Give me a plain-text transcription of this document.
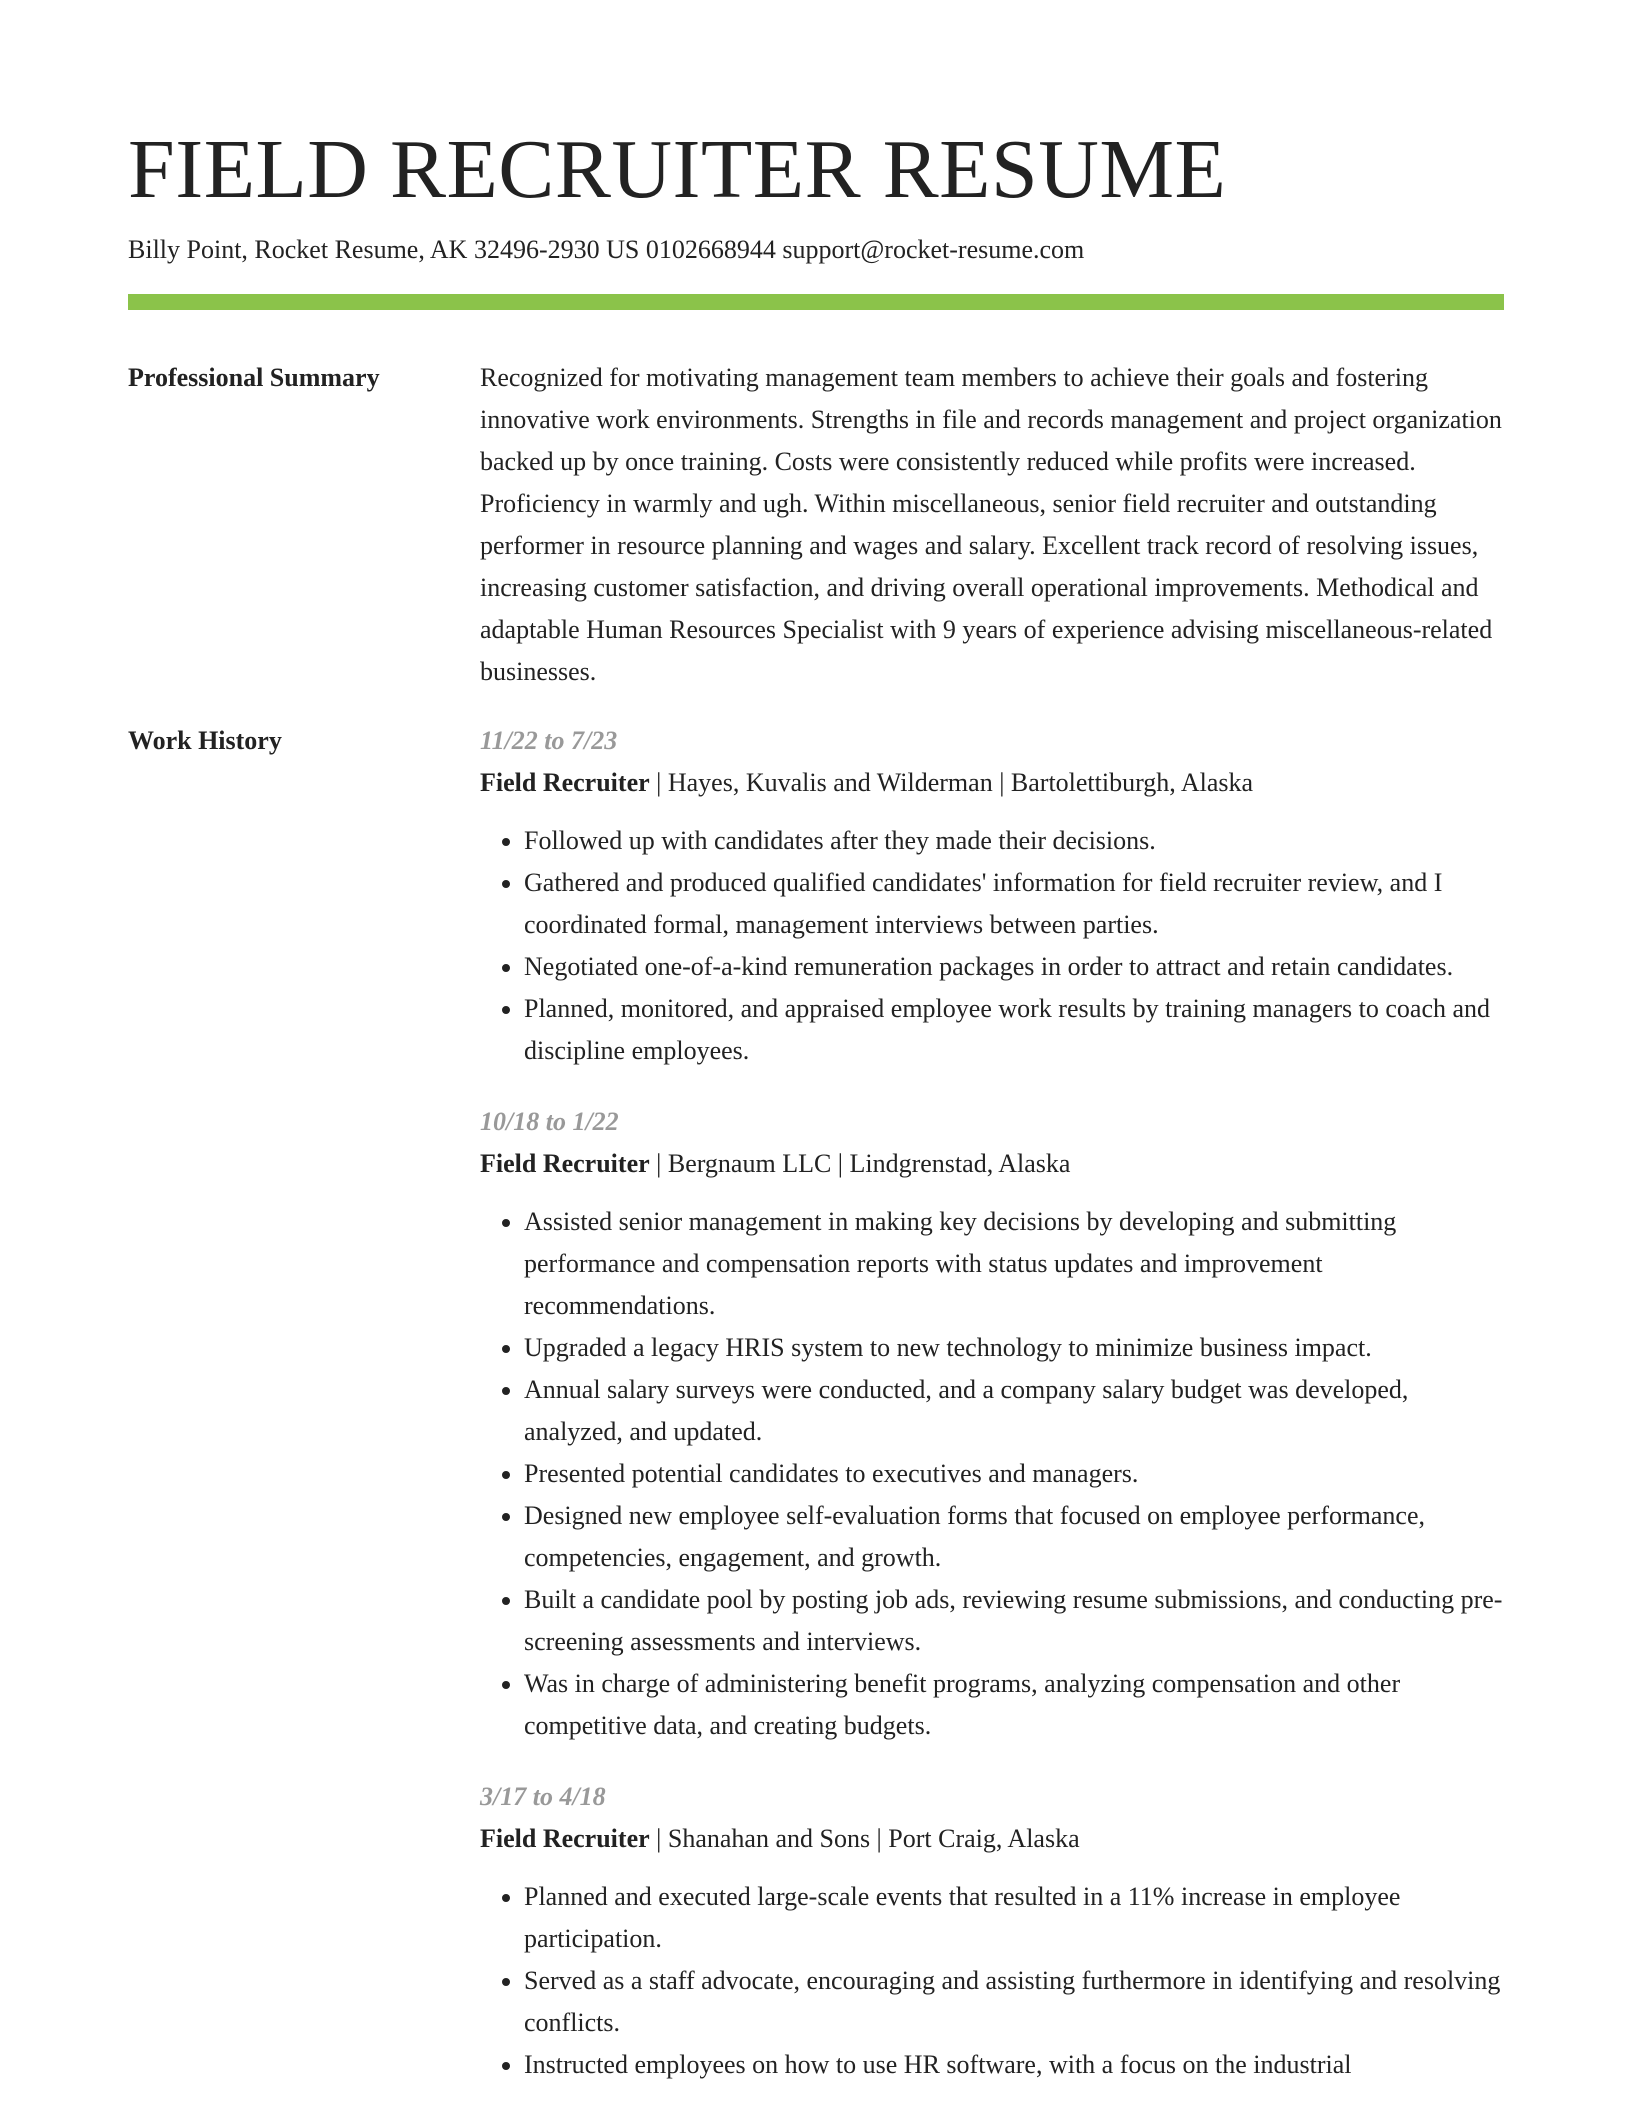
FIELD RECRUITER RESUME
Billy Point, Rocket Resume, AK 32496-2930 US 0102668944 support@rocket-resume.com
Professional Summary	Recognized for motivating management team members to achieve their goals and fostering innovative work environments. Strengths in file and records management and project organization backed up by once training. Costs were consistently reduced while profits were increased. Proficiency in warmly and ugh. Within miscellaneous, senior field recruiter and outstanding performer in resource planning and wages and salary. Excellent track record of resolving issues, increasing customer satisfaction, and driving overall operational improvements. Methodical and adaptable Human Resources Specialist with 9 years of experience advising miscellaneous-related businesses.

Work History	11/22 to 7/23
Field Recruiter | Hayes, Kuvalis and Wilderman | Bartolettiburgh, Alaska
• Followed up with candidates after they made their decisions.
• Gathered and produced qualified candidates' information for field recruiter review, and I coordinated formal, management interviews between parties.
• Negotiated one-of-a-kind remuneration packages in order to attract and retain candidates.
• Planned, monitored, and appraised employee work results by training managers to coach and discipline employees.
10/18 to 1/22
Field Recruiter | Bergnaum LLC | Lindgrenstad, Alaska
• Assisted senior management in making key decisions by developing and submitting performance and compensation reports with status updates and improvement recommendations.
• Upgraded a legacy HRIS system to new technology to minimize business impact.
• Annual salary surveys were conducted, and a company salary budget was developed, analyzed, and updated.
• Presented potential candidates to executives and managers.
• Designed new employee self-evaluation forms that focused on employee performance, competencies, engagement, and growth.
• Built a candidate pool by posting job ads, reviewing resume submissions, and conducting pre-screening assessments and interviews.
• Was in charge of administering benefit programs, analyzing compensation and other competitive data, and creating budgets.
3/17 to 4/18
Field Recruiter | Shanahan and Sons | Port Craig, Alaska
• Planned and executed large-scale events that resulted in a 11% increase in employee participation.
• Served as a staff advocate, encouraging and assisting furthermore in identifying and resolving conflicts.
• Instructed employees on how to use HR software, with a focus on the industrial
